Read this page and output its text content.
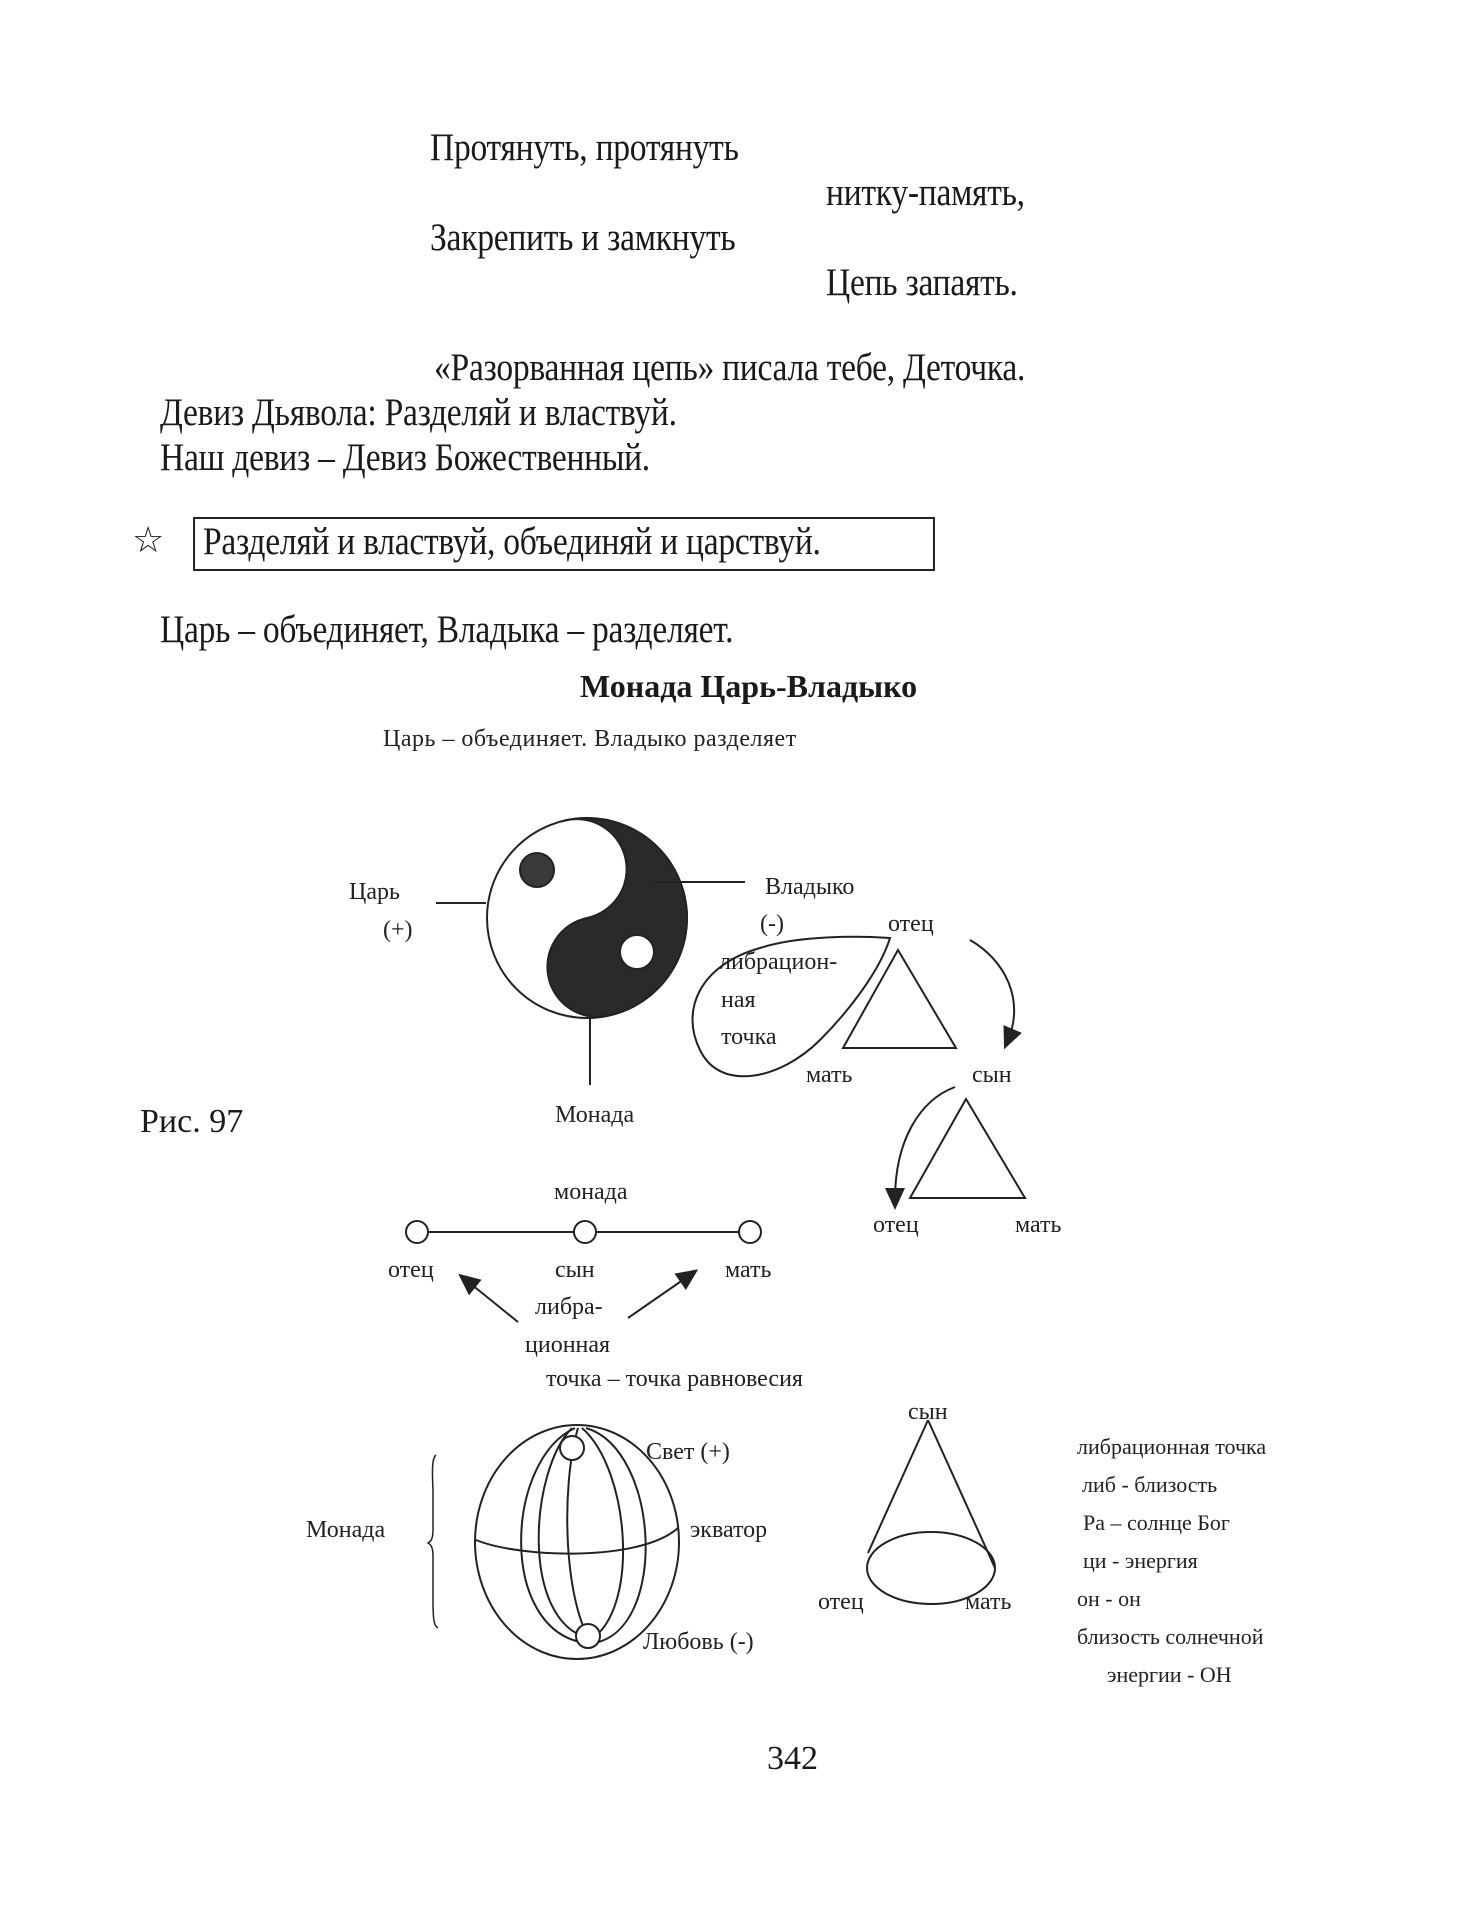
Протянуть, протянуть
нитку-память,
Закрепить и замкнуть
Цепь запаять.
«Разорванная цепь» писала тебе, Деточка.
Девиз Дьявола: Разделяй и властвуй.
Наш девиз – Девиз Божественный.
☆ Разделяй и властвуй, объединяй и царствуй.
Царь – объединяет, Владыка – разделяет.
Монада Царь-Владыко
Царь – объединяет. Владыко разделяет
Царь
(+)
Владыко
(-)
Монада
отец
либрацион-
ная
точка
мать	сын
Рис. 97
отец	мать
монада
отец	сын	мать
либра-
ционная
точка – точка равновесия
Монада
Свет (+)
экватор
Любовь (-)
сын
отец	мать
либрационная точка
либ - близость
Ра – солнце Бог
ци - энергия
он - он
близость солнечной
энергии - ОН
342
